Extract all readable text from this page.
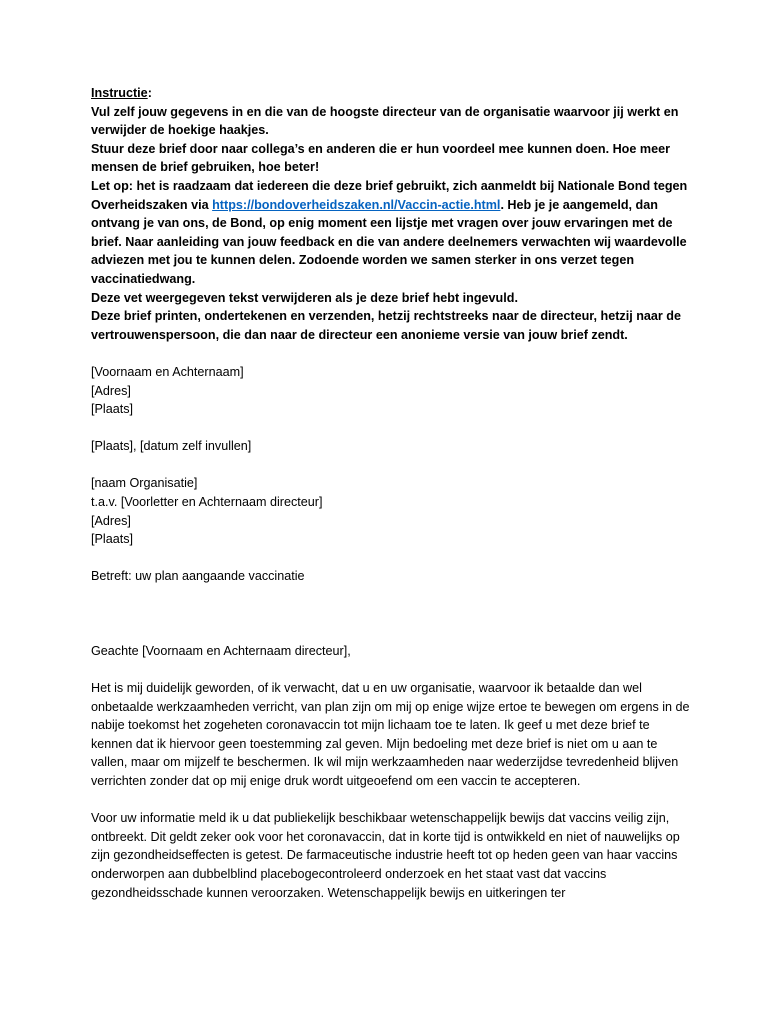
Instructie:
Vul zelf jouw gegevens in en die van de hoogste directeur van de organisatie waarvoor jij werkt en verwijder de hoekige haakjes.
Stuur deze brief door naar collega’s en anderen die er hun voordeel mee kunnen doen. Hoe meer mensen de brief gebruiken, hoe beter!
Let op: het is raadzaam dat iedereen die deze brief gebruikt, zich aanmeldt bij Nationale Bond tegen Overheidszaken via https://bondoverheidszaken.nl/Vaccin-actie.html. Heb je je aangemeld, dan ontvang je van ons, de Bond, op enig moment een lijstje met vragen over jouw ervaringen met de brief. Naar aanleiding van jouw feedback en die van andere deelnemers verwachten wij waardevolle adviezen met jou te kunnen delen. Zodoende worden we samen sterker in ons verzet tegen vaccinatiedwang.
Deze vet weergegeven tekst verwijderen als je deze brief hebt ingevuld.
Deze brief printen, ondertekenen en verzenden, hetzij rechtstreeks naar de directeur, hetzij naar de vertrouwenspersoon, die dan naar de directeur een anonieme versie van jouw brief zendt.
[Voornaam en Achternaam]
[Adres]
[Plaats]
[Plaats], [datum zelf invullen]
[naam Organisatie]
t.a.v. [Voorletter en Achternaam directeur]
[Adres]
[Plaats]
Betreft: uw plan aangaande vaccinatie
Geachte [Voornaam en Achternaam directeur],
Het is mij duidelijk geworden, of ik verwacht, dat u en uw organisatie, waarvoor ik betaalde dan wel onbetaalde werkzaamheden verricht, van plan zijn om mij op enige wijze ertoe te bewegen om ergens in de nabije toekomst het zogeheten coronavaccin tot mijn lichaam toe te laten. Ik geef u met deze brief te kennen dat ik hiervoor geen toestemming zal geven. Mijn bedoeling met deze brief is niet om u aan te vallen, maar om mijzelf te beschermen. Ik wil mijn werkzaamheden naar wederzijdse tevredenheid blijven verrichten zonder dat op mij enige druk wordt uitgeoefend om een vaccin te accepteren.
Voor uw informatie meld ik u dat publiekelijk beschikbaar wetenschappelijk bewijs dat vaccins veilig zijn, ontbreekt. Dit geldt zeker ook voor het coronavaccin, dat in korte tijd is ontwikkeld en niet of nauwelijks op zijn gezondheidseffecten is getest. De farmaceutische industrie heeft tot op heden geen van haar vaccins onderworpen aan dubbelblind placebogecontroleerd onderzoek en het staat vast dat vaccins gezondheidsschade kunnen veroorzaken. Wetenschappelijk bewijs en uitkeringen ter
